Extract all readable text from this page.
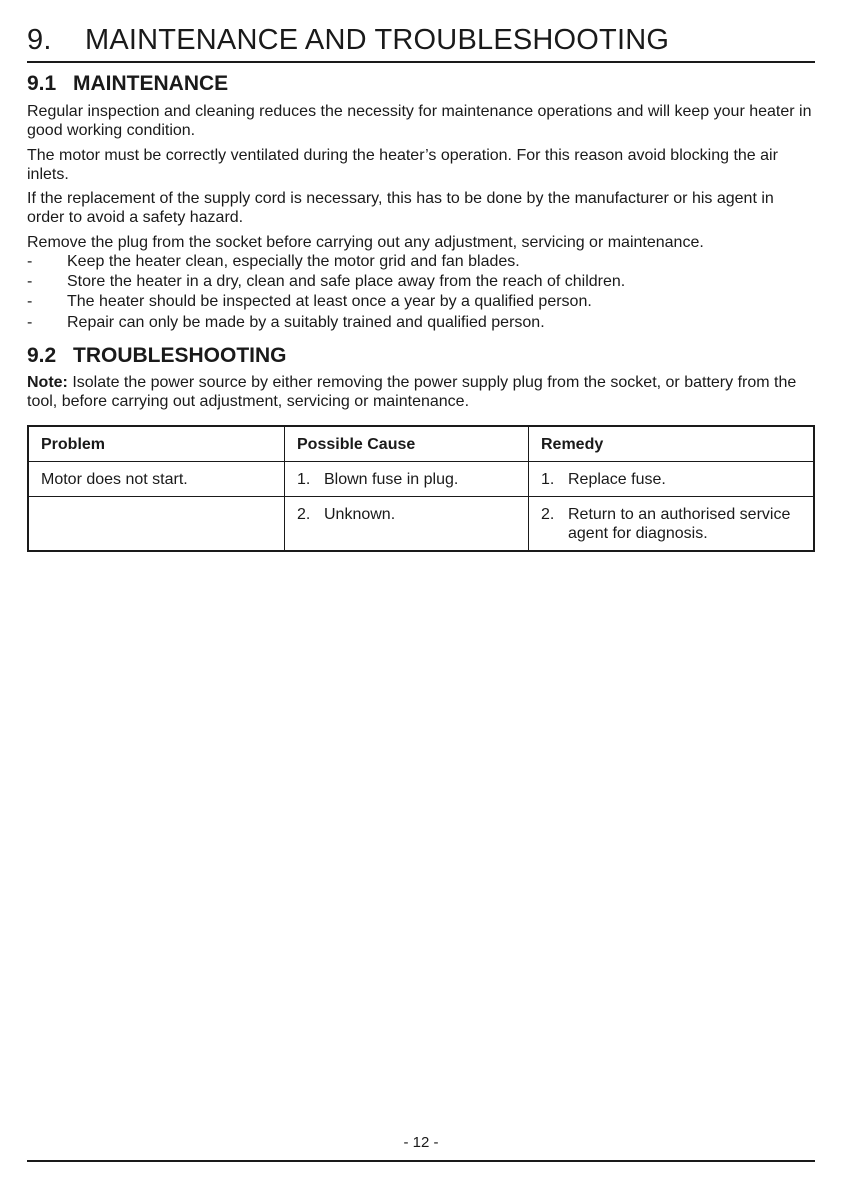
9. MAINTENANCE AND TROUBLESHOOTING
9.1 MAINTENANCE

Regular inspection and cleaning reduces the necessity for maintenance operations and will keep your heater in good working condition.

The motor must be correctly ventilated during the heater’s operation. For this reason avoid blocking the air inlets.

If the replacement of the supply cord is necessary, this has to be done by the manufacturer or his agent in order to avoid a safety hazard.

Remove the plug from the socket before carrying out any adjustment, servicing or maintenance.

- Keep the heater clean, especially the motor grid and fan blades.
- Store the heater in a dry, clean and safe place away from the reach of children.
- The heater should be inspected at least once a year by a qualified person.
- Repair can only be made by a suitably trained and qualified person.
9.2 TROUBLESHOOTING

Note: Isolate the power source by either removing the power supply plug from the socket, or battery from the tool, before carrying out adjustment, servicing or maintenance.

Problem	Possible Cause	Remedy
Motor does not start.	1. Blown fuse in plug.	1. Replace fuse.

	2. Unknown.	2. Return to an authorised service agent for diagnosis.
- 12 -
